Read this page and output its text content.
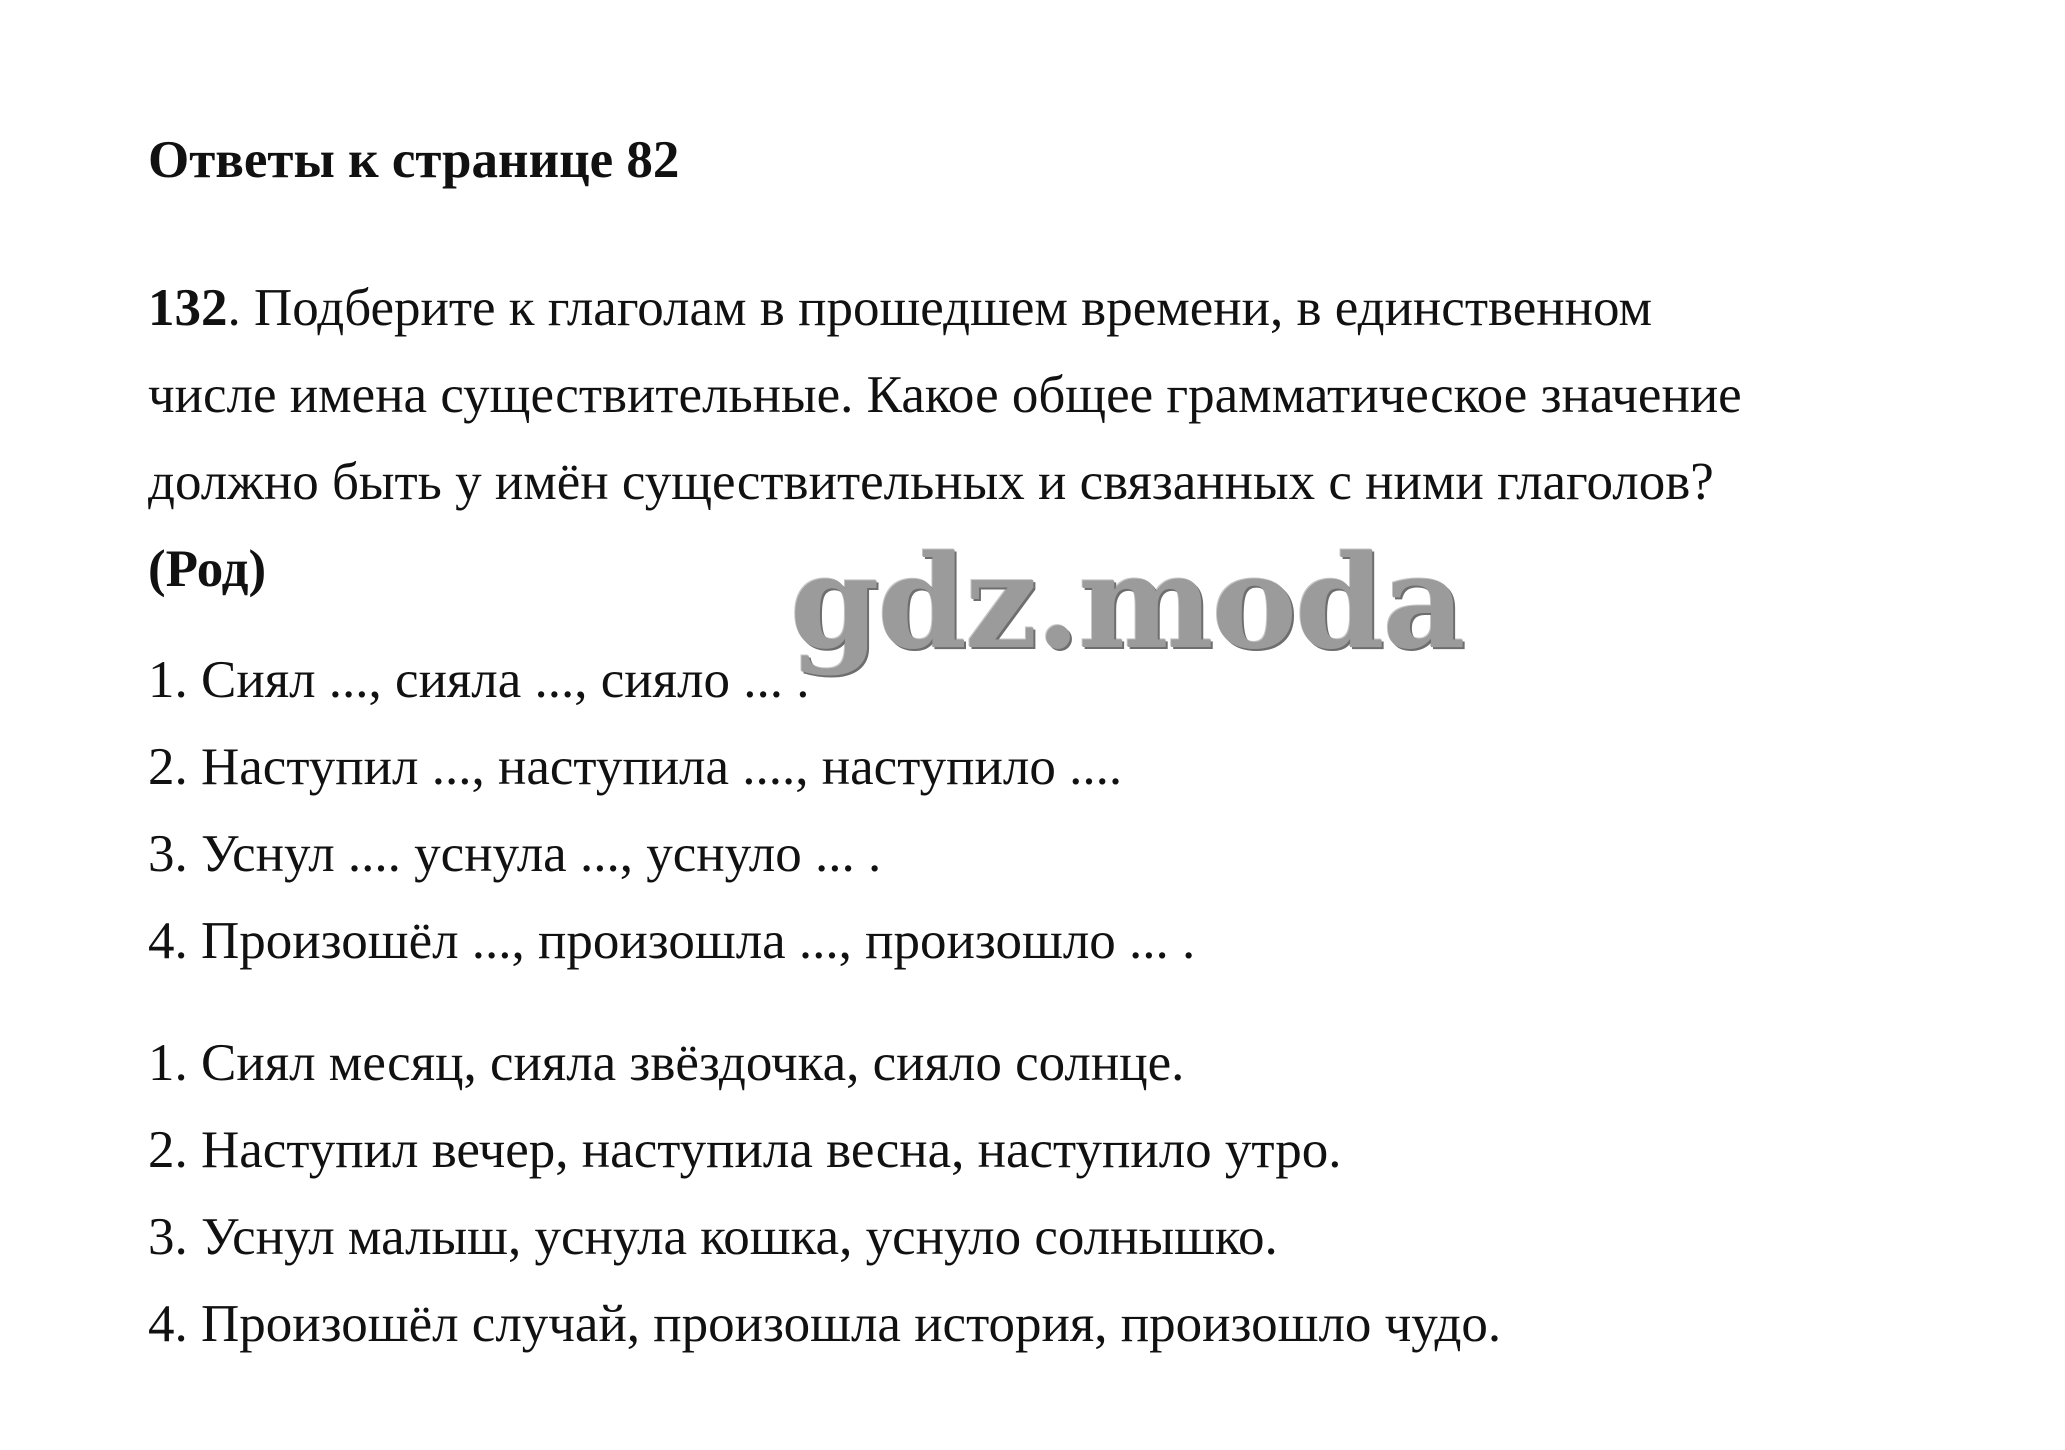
Ответы к странице 82
132. Подберите к глаголам в прошедшем времени, в единственном
числе имена существительные. Какое общее грамматическое значение
должно быть у имён существительных и связанных с ними глаголов?
(Род)
1. Сиял ..., сияла ..., сияло ... .
2. Наступил ..., наступила ...., наступило ....
3. Уснул .... уснула ..., уснуло ... .
4. Произошёл ..., произошла ..., произошло ... .
1. Сиял месяц, сияла звёздочка, сияло солнце.
2. Наступил вечер, наступила весна, наступило утро.
3. Уснул малыш, уснула кошка, уснуло солнышко.
4. Произошёл случай, произошла история, произошло чудо.
gdz.moda
